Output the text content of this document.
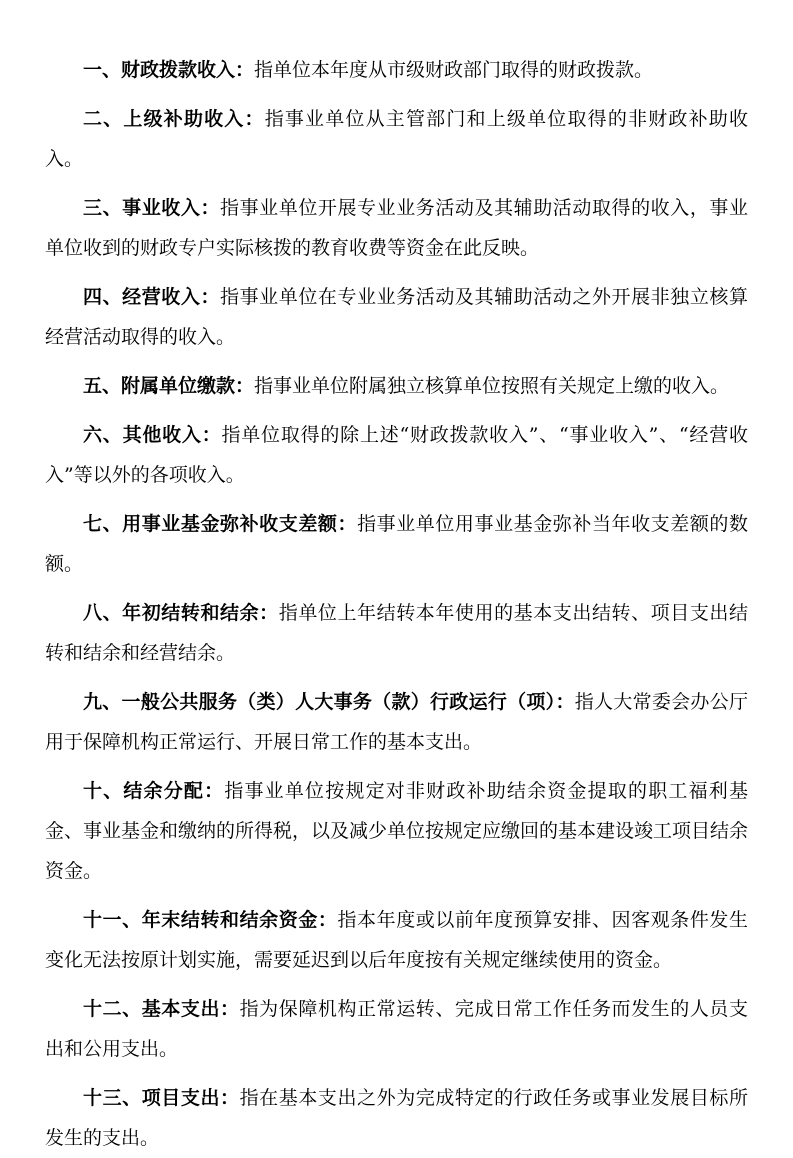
一、财政拨款收入：指单位本年度从市级财政部门取得的财政拨款。

二、上级补助收入：指事业单位从主管部门和上级单位取得的非财政补助收入。

三、事业收入：指事业单位开展专业业务活动及其辅助活动取得的收入，事业单位收到的财政专户实际核拨的教育收费等资金在此反映。

四、经营收入：指事业单位在专业业务活动及其辅助活动之外开展非独立核算经营活动取得的收入。

五、附属单位缴款：指事业单位附属独立核算单位按照有关规定上缴的收入。

六、其他收入：指单位取得的除上述“财政拨款收入”、“事业收入”、“经营收入”等以外的各项收入。

七、用事业基金弥补收支差额：指事业单位用事业基金弥补当年收支差额的数额。

八、年初结转和结余：指单位上年结转本年使用的基本支出结转、项目支出结转和结余和经营结余。

九、一般公共服务（类）人大事务（款）行政运行（项）：指人大常委会办公厅用于保障机构正常运行、开展日常工作的基本支出。

十、结余分配：指事业单位按规定对非财政补助结余资金提取的职工福利基金、事业基金和缴纳的所得税，以及减少单位按规定应缴回的基本建设竣工项目结余资金。

十一、年末结转和结余资金：指本年度或以前年度预算安排、因客观条件发生变化无法按原计划实施，需要延迟到以后年度按有关规定继续使用的资金。

十二、基本支出：指为保障机构正常运转、完成日常工作任务而发生的人员支出和公用支出。

十三、项目支出：指在基本支出之外为完成特定的行政任务或事业发展目标所发生的支出。
